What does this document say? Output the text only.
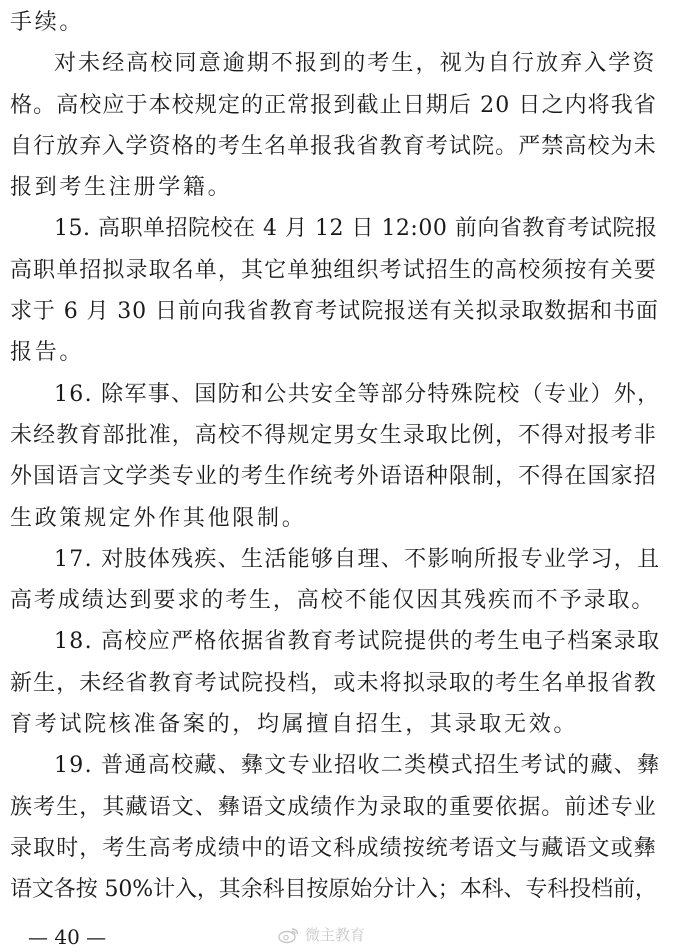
手续。
对未经高校同意逾期不报到的考生，视为自行放弃入学资
格。高校应于本校规定的正常报到截止日期后 20 日之内将我省
自行放弃入学资格的考生名单报我省教育考试院。严禁高校为未
报到考生注册学籍。
15. 高职单招院校在 4 月 12 日 12:00 前向省教育考试院报
高职单招拟录取名单，其它单独组织考试招生的高校须按有关要
求于 6 月 30 日前向我省教育考试院报送有关拟录取数据和书面
报告。
16. 除军事、国防和公共安全等部分特殊院校（专业）外，
未经教育部批准，高校不得规定男女生录取比例，不得对报考非
外国语言文学类专业的考生作统考外语语种限制，不得在国家招
生政策规定外作其他限制。
17. 对肢体残疾、生活能够自理、不影响所报专业学习，且
高考成绩达到要求的考生，高校不能仅因其残疾而不予录取。
18. 高校应严格依据省教育考试院提供的考生电子档案录取
新生，未经省教育考试院投档，或未将拟录取的考生名单报省教
育考试院核准备案的，均属擅自招生，其录取无效。
19. 普通高校藏、彝文专业招收二类模式招生考试的藏、彝
族考生，其藏语文、彝语文成绩作为录取的重要依据。前述专业
录取时，考生高考成绩中的语文科成绩按统考语文与藏语文或彝
语文各按 50%计入，其余科目按原始分计入；本科、专科投档前，
— 40 —	微主教育
